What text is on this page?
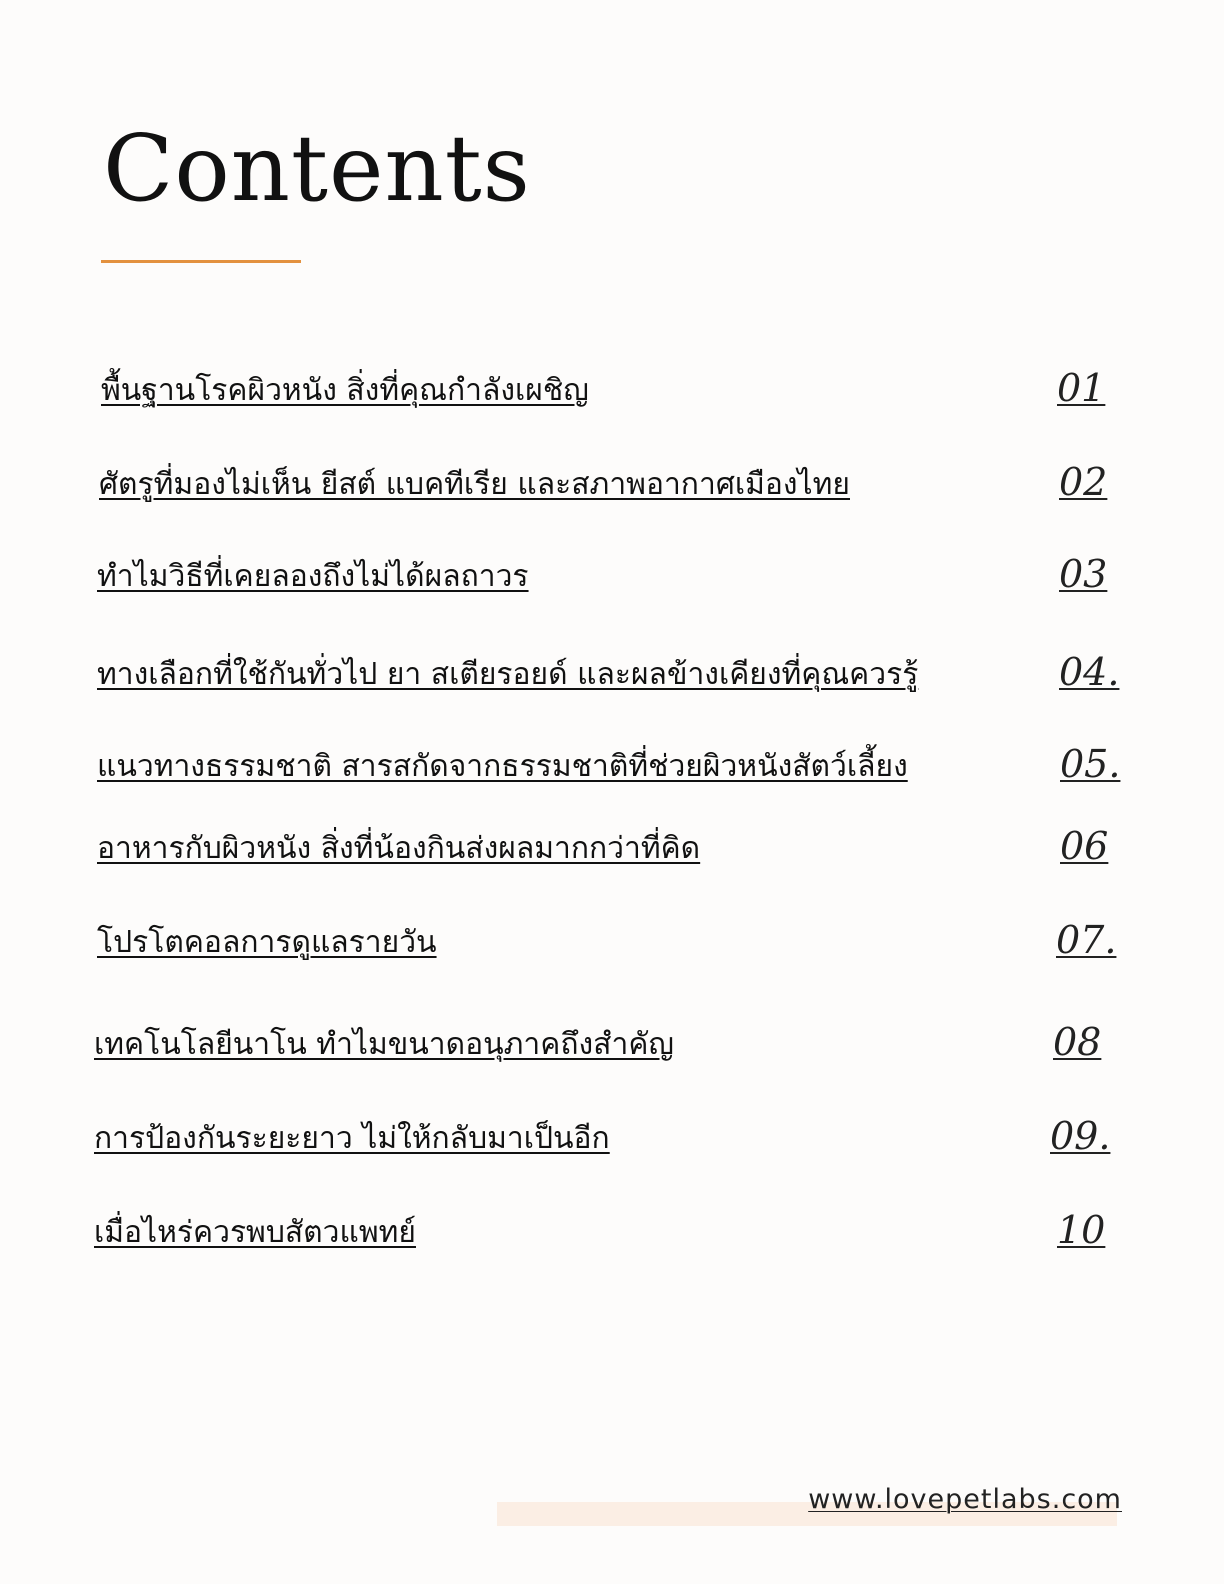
Contents
พื้นฐานโรคผิวหนัง สิ่งที่คุณกำลังเผชิญ	01
ศัตรูที่มองไม่เห็น ยีสต์ แบคทีเรีย และสภาพอากาศเมืองไทย	02
ทำไมวิธีที่เคยลองถึงไม่ได้ผลถาวร	03
ทางเลือกที่ใช้กันทั่วไป ยา สเตียรอยด์ และผลข้างเคียงที่คุณควรรู้	04.
แนวทางธรรมชาติ สารสกัดจากธรรมชาติที่ช่วยผิวหนังสัตว์เลี้ยง	05.
อาหารกับผิวหนัง สิ่งที่น้องกินส่งผลมากกว่าที่คิด	06
โปรโตคอลการดูแลรายวัน	07.
เทคโนโลยีนาโน ทำไมขนาดอนุภาคถึงสำคัญ	08
การป้องกันระยะยาว ไม่ให้กลับมาเป็นอีก	09.
เมื่อไหร่ควรพบสัตวแพทย์	10
www.lovepetlabs.com
